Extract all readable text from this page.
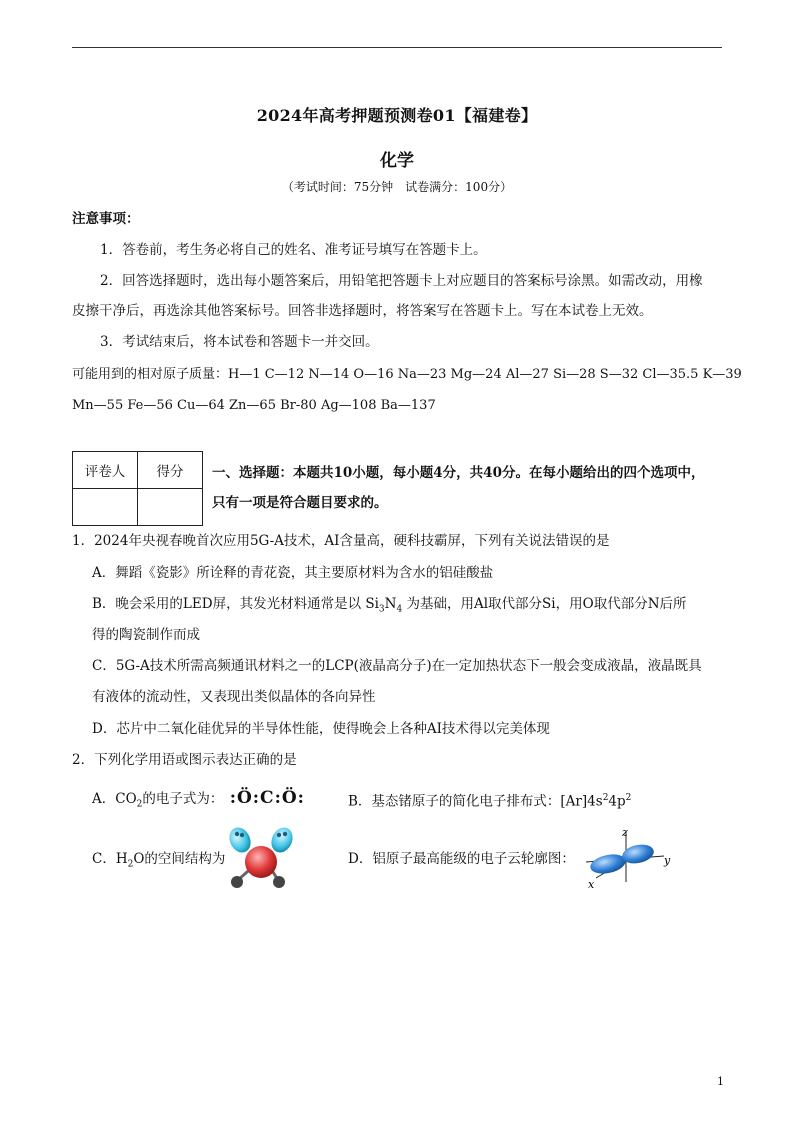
2024年高考押题预测卷01【福建卷】
化学
（考试时间：75分钟　试卷满分：100分）
注意事项：
1．答卷前，考生务必将自己的姓名、准考证号填写在答题卡上。
2．回答选择题时，选出每小题答案后，用铅笔把答题卡上对应题目的答案标号涂黑。如需改动，用橡
皮擦干净后，再选涂其他答案标号。回答非选择题时，将答案写在答题卡上。写在本试卷上无效。
3．考试结束后，将本试卷和答题卡一并交回。
可能用到的相对原子质量：H—1 C—12 N—14 O—16 Na—23 Mg—24 Al—27 Si—28 S—32 Cl—35.5 K—39
Mn—55 Fe—56 Cu—64 Zn—65 Br-80 Ag—108 Ba—137
评卷人	得分
	一、选择题：本题共10小题，每小题4分，共40分。在每小题给出的四个选项中，
只有一项是符合题目要求的。
1．2024年央视春晚首次应用5G-A技术，AI含量高，硬科技霸屏，下列有关说法错误的是
A．舞蹈《瓷影》所诠释的青花瓷，其主要原材料为含水的铝硅酸盐
B．晚会采用的LED屏，其发光材料通常是以 $Si_3N_4$ 为基础，用Al取代部分Si，用O取代部分N后所
得的陶瓷制作而成
C．5G-A技术所需高频通讯材料之一的LCP(液晶高分子)在一定加热状态下一般会变成液晶，液晶既具
有液体的流动性，又表现出类似晶体的各向异性
D．芯片中二氧化硅优异的半导体性能，使得晚会上各种AI技术得以完美体现
2．下列化学用语或图示表达正确的是
A．$CO_2$的电子式为： :Ö:C:Ö:	B．基态锗原子的简化电子排布式：$[Ar]4s^24p^2$
C．$H_2O$的空间结构为	D．铝原子最高能级的电子云轮廓图：
z
y
x
1
